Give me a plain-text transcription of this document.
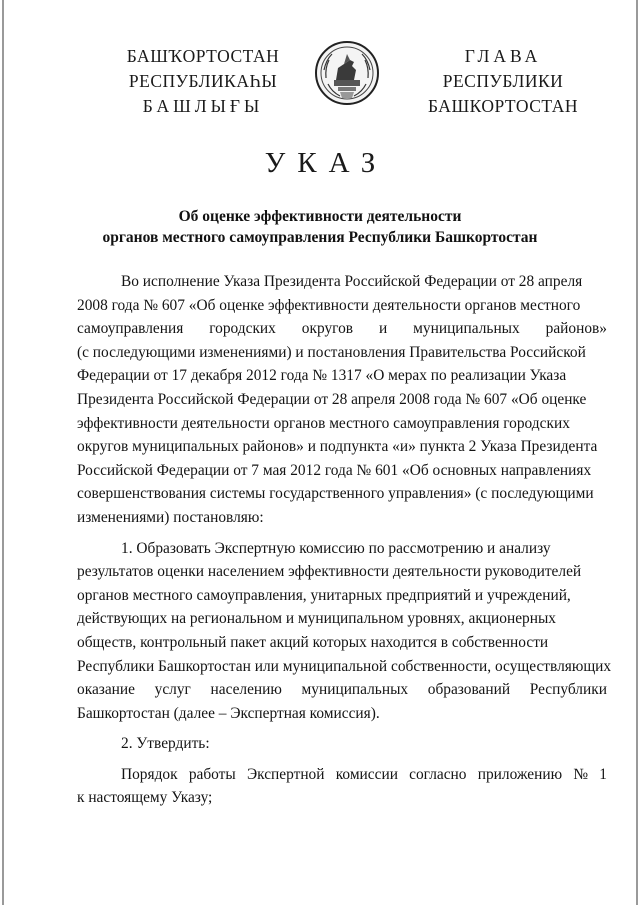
БАШҠОРТОСТАН
РЕСПУБЛИКАҺЫ
БАШЛЫҒЫ
ГЛАВА
РЕСПУБЛИКИ
БАШКОРТОСТАН
УКАЗ
Об оценке эффективности деятельности
органов местного самоуправления Республики Башкортостан
Во исполнение Указа Президента Российской Федерации от 28 апреля
2008 года № 607 «Об оценке эффективности деятельности органов местного
самоуправления городских округов и муниципальных районов»
(с последующими изменениями) и постановления Правительства Российской
Федерации от 17 декабря 2012 года № 1317 «О мерах по реализации Указа
Президента Российской Федерации от 28 апреля 2008 года № 607 «Об оценке
эффективности деятельности органов местного самоуправления городских
округов муниципальных районов» и подпункта «и» пункта 2 Указа Президента
Российской Федерации от 7 мая 2012 года № 601 «Об основных направлениях
совершенствования системы государственного управления» (с последующими
изменениями) постановляю:
1. Образовать Экспертную комиссию по рассмотрению и анализу
результатов оценки населением эффективности деятельности руководителей
органов местного самоуправления, унитарных предприятий и учреждений,
действующих на региональном и муниципальном уровнях, акционерных
обществ, контрольный пакет акций которых находится в собственности
Республики Башкортостан или муниципальной собственности, осуществляющих
оказание услуг населению муниципальных образований Республики
Башкортостан (далее – Экспертная комиссия).
2. Утвердить:
Порядок работы Экспертной комиссии согласно приложению № 1
к настоящему Указу;
